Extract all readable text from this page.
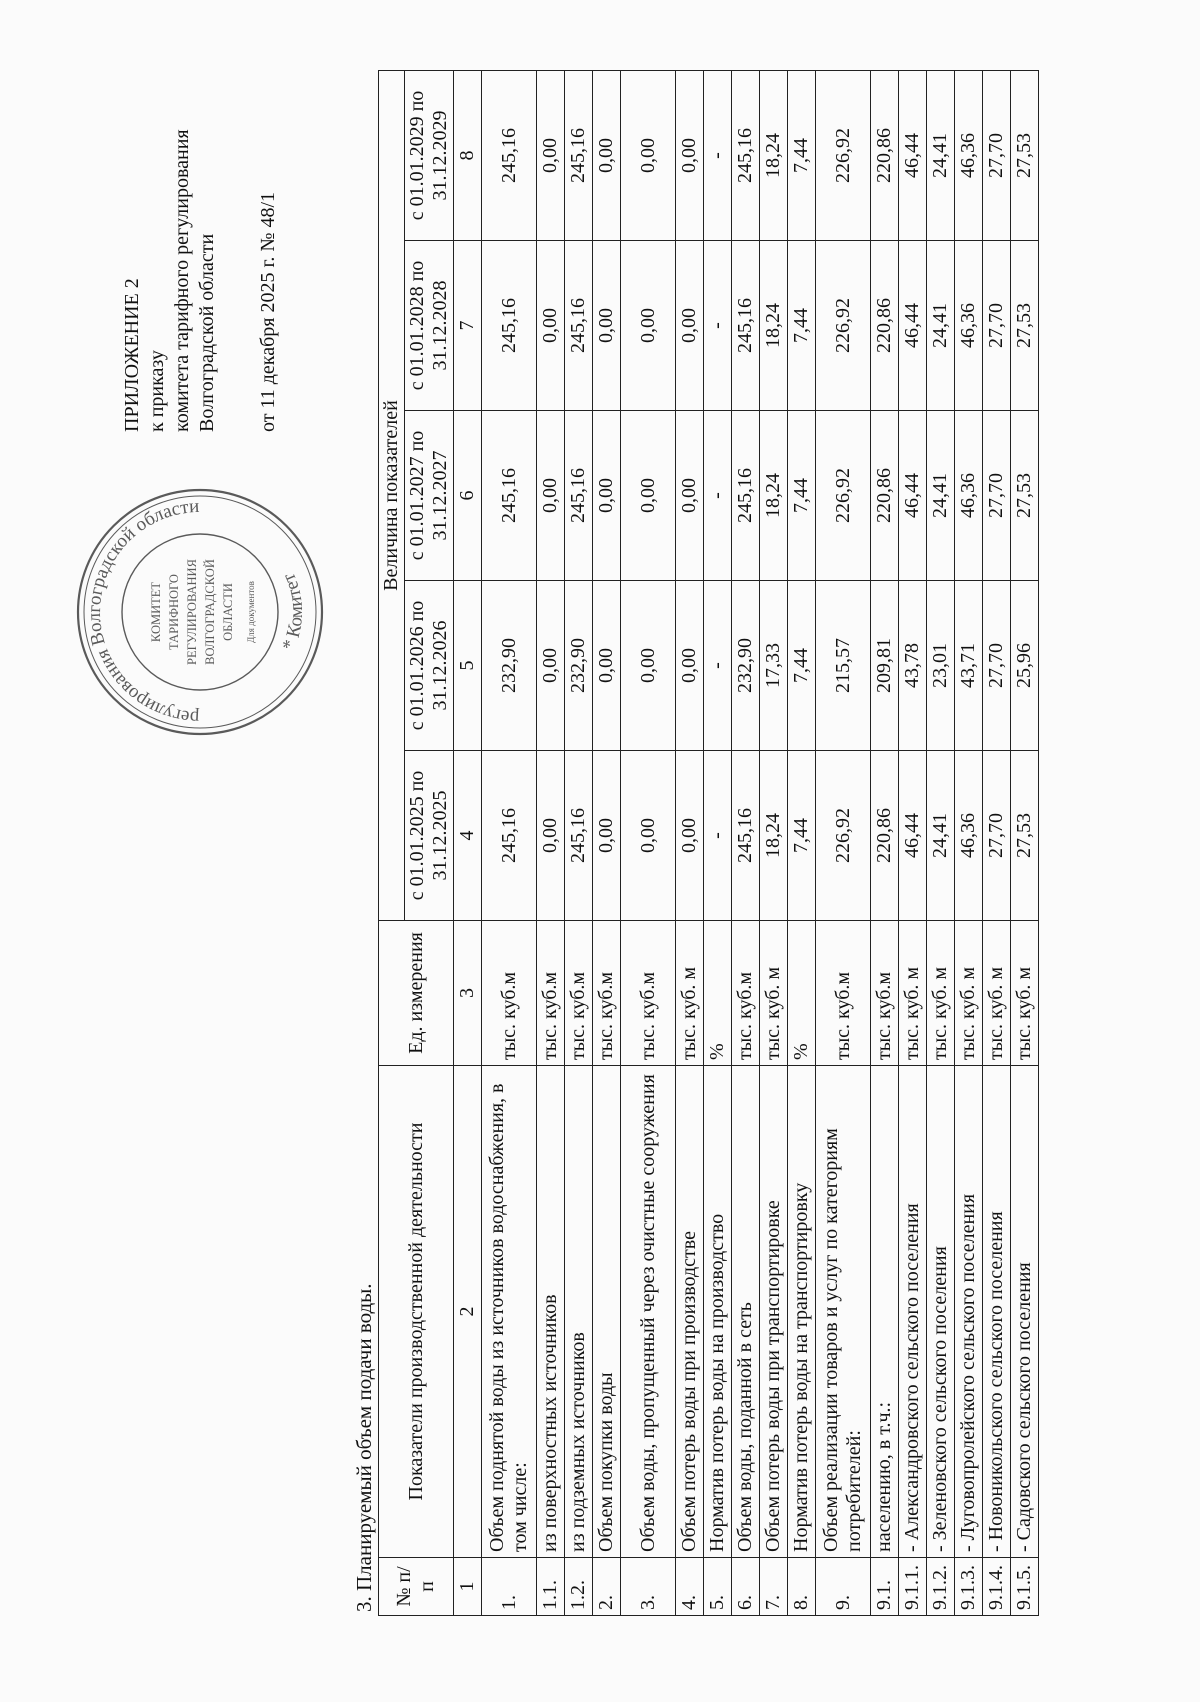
регулирования Волгоградской области
* Комитет
КОМИТЕТ ТАРИФНОГО РЕГУЛИРОВАНИЯ ВОЛГОГРАДСКОЙ ОБЛАСТИ Для документов
ПРИЛОЖЕНИЕ 2 к приказу комитета тарифного регулирования Волгоградской области от 11 декабря 2025 г. № 48/1
3. Планируемый объем подачи воды. № п/п	Показатели производственной деятельности	Ед. измерения	Величина показателей				
			с 01.01.2025 по 31.12.2025	с 01.01.2026 по 31.12.2026	с 01.01.2027 по 31.12.2027	с 01.01.2028 по 31.12.2028	с 01.01.2029 по 31.12.2029
1	2	3	4	5	6	7	8
1.	Объем поднятой воды из источников водоснабжения, в том числе:	тыс. куб.м	245,16	232,90	245,16	245,16	245,16
1.1.	из поверхностных источников	тыс. куб.м	0,00	0,00	0,00	0,00	0,00
1.2.	из подземных источников	тыс. куб.м	245,16	232,90	245,16	245,16	245,16
2.	Объем покупки воды	тыс. куб.м	0,00	0,00	0,00	0,00	0,00
3.	Объем воды, пропущенный через очистные сооружения	тыс. куб.м	0,00	0,00	0,00	0,00	0,00
4.	Объем потерь воды при производстве	тыс. куб. м	0,00	0,00	0,00	0,00	0,00
5.	Норматив потерь воды на производство	%	-	-	-	-	-
6.	Объем воды, поданной в сеть	тыс. куб.м	245,16	232,90	245,16	245,16	245,16
7.	Объем потерь воды при транспортировке	тыс. куб. м	18,24	17,33	18,24	18,24	18,24
8.	Норматив потерь воды на транспортировку	%	7,44	7,44	7,44	7,44	7,44
9.	Объем реализации товаров и услуг по категориям потребителей:	тыс. куб.м	226,92	215,57	226,92	226,92	226,92
9.1.	населению, в т.ч.:	тыс. куб.м	220,86	209,81	220,86	220,86	220,86
9.1.1.	- Александровского сельского поселения	тыс. куб. м	46,44	43,78	46,44	46,44	46,44
9.1.2.	- Зеленовского сельского поселения	тыс. куб. м	24,41	23,01	24,41	24,41	24,41
9.1.3.	- Луговопролейского сельского поселения	тыс. куб. м	46,36	43,71	46,36	46,36	46,36
9.1.4.	- Новоникольского сельского поселения	тыс. куб. м	27,70	27,70	27,70	27,70	27,70
9.1.5.	- Садовского сельского поселения	тыс. куб. м	27,53	25,96	27,53	27,53	27,53
